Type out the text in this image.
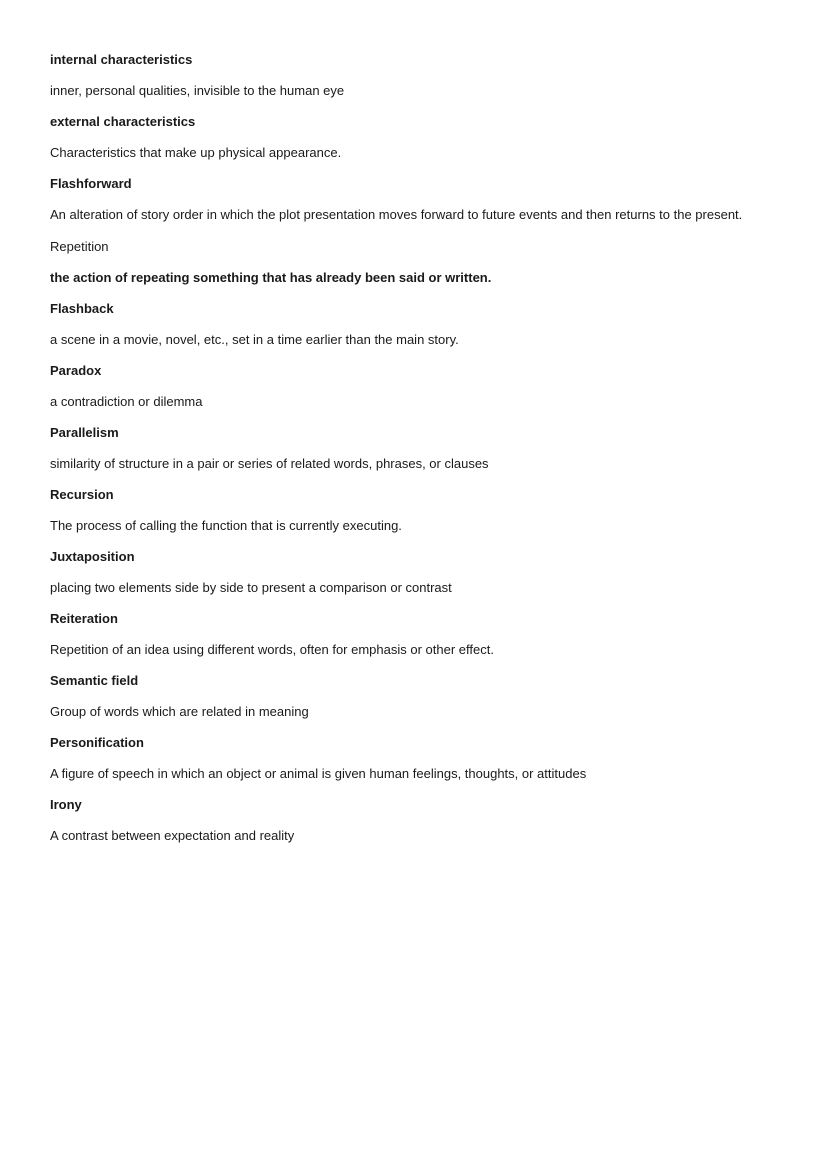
internal characteristics

inner, personal qualities, invisible to the human eye

external characteristics

Characteristics that make up physical appearance.

Flashforward

An alteration of story order in which the plot presentation moves forward to future events and then returns to the present.

Repetition

the action of repeating something that has already been said or written.

Flashback

a scene in a movie, novel, etc., set in a time earlier than the main story.

Paradox

a contradiction or dilemma

Parallelism

similarity of structure in a pair or series of related words, phrases, or clauses

Recursion

The process of calling the function that is currently executing.

Juxtaposition

placing two elements side by side to present a comparison or contrast

Reiteration

Repetition of an idea using different words, often for emphasis or other effect.

Semantic field

Group of words which are related in meaning

Personification

A figure of speech in which an object or animal is given human feelings, thoughts, or attitudes

Irony

A contrast between expectation and reality
